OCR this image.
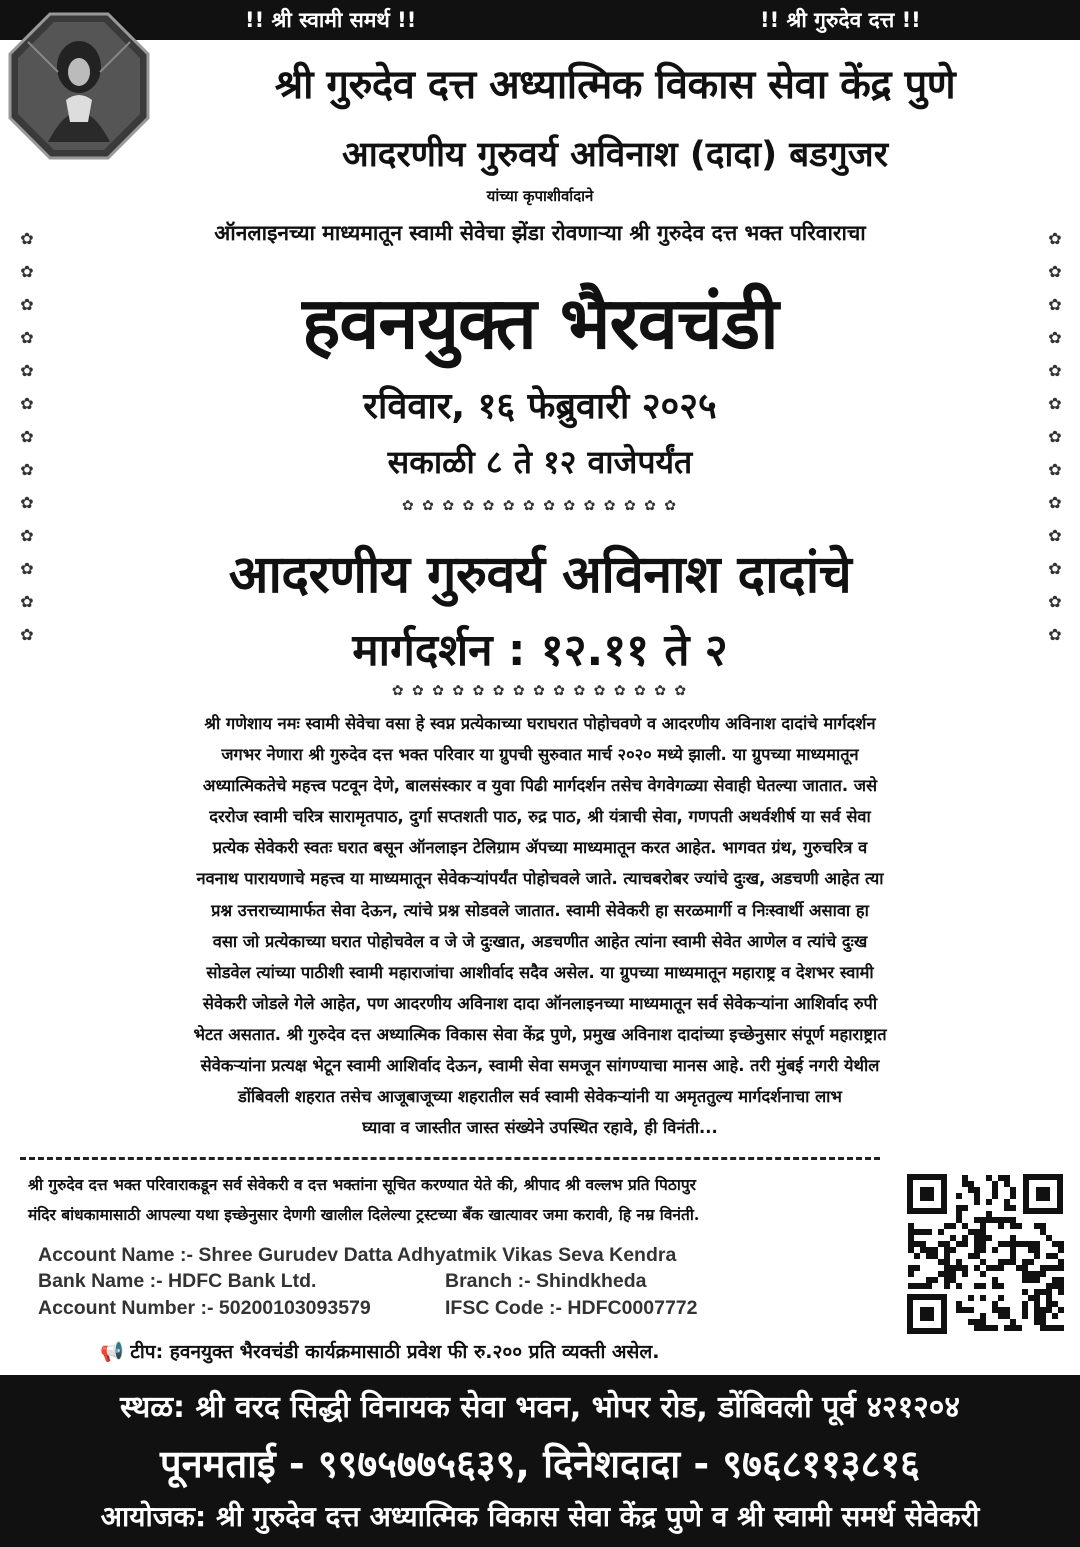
!! श्री स्वामी समर्थ !!	!! श्री गुरुदेव दत्त !!
श्री गुरुदेव दत्त अध्यात्मिक विकास सेवा केंद्र पुणे
आदरणीय गुरुवर्य अविनाश (दादा) बडगुजर
यांच्या कृपाशीर्वादाने
ऑनलाइनच्या माध्यमातून स्वामी सेवेचा झेंडा रोवणाऱ्या श्री गुरुदेव दत्त भक्त परिवाराचा
✿
✿
✿
✿
✿
✿
✿
✿
✿
✿
✿
✿
✿
✿
✿
✿
✿
✿
✿
✿
✿
✿
✿
✿
✿
✿
हवनयुक्त भैरवचंडी
रविवार, १६ फेब्रुवारी २०२५
सकाळी ८ ते १२ वाजेपर्यंत
✿ ✿ ✿ ✿ ✿ ✿ ✿ ✿ ✿ ✿ ✿ ✿ ✿ ✿
आदरणीय गुरुवर्य अविनाश दादांचे
मार्गदर्शन : १२.११ ते २
✿ ✿ ✿ ✿ ✿ ✿ ✿ ✿ ✿ ✿ ✿ ✿ ✿ ✿ ✿
श्री गणेशाय नमः स्वामी सेवेचा वसा हे स्वप्न प्रत्येकाच्या घराघरात पोहोचवणे व आदरणीय अविनाश दादांचे मार्गदर्शन
जगभर नेणारा श्री गुरुदेव दत्त भक्त परिवार या ग्रुपची सुरुवात मार्च २०२० मध्ये झाली. या ग्रुपच्या माध्यमातून
अध्यात्मिकतेचे महत्त्व पटवून देणे, बालसंस्कार व युवा पिढी मार्गदर्शन तसेच वेगवेगळ्या सेवाही घेतल्या जातात. जसे
दररोज स्वामी चरित्र सारामृतपाठ, दुर्गा सप्तशती पाठ, रुद्र पाठ, श्री यंत्राची सेवा, गणपती अथर्वशीर्ष या सर्व सेवा
प्रत्येक सेवेकरी स्वतः घरात बसून ऑनलाइन टेलिग्राम ॲपच्या माध्यमातून करत आहेत. भागवत ग्रंथ, गुरुचरित्र व
नवनाथ पारायणाचे महत्त्व या माध्यमातून सेवेकऱ्यांपर्यंत पोहोचवले जाते. त्याचबरोबर ज्यांचे दुःख, अडचणी आहेत त्या
प्रश्न उत्तराच्यामार्फत सेवा देऊन, त्यांचे प्रश्न सोडवले जातात. स्वामी सेवेकरी हा सरळमार्गी व निःस्वार्थी असावा हा
वसा जो प्रत्येकाच्या घरात पोहोचवेल व जे जे दुःखात, अडचणीत आहेत त्यांना स्वामी सेवेत आणेल व त्यांचे दुःख
सोडवेल त्यांच्या पाठीशी स्वामी महाराजांचा आशीर्वाद सदैव असेल. या ग्रुपच्या माध्यमातून महाराष्ट्र व देशभर स्वामी
सेवेकरी जोडले गेले आहेत, पण आदरणीय अविनाश दादा ऑनलाइनच्या माध्यमातून सर्व सेवेकऱ्यांना आशिर्वाद रुपी
भेटत असतात. श्री गुरुदेव दत्त अध्यात्मिक विकास सेवा केंद्र पुणे, प्रमुख अविनाश दादांच्या इच्छेनुसार संपूर्ण महाराष्ट्रात
सेवेकऱ्यांना प्रत्यक्ष भेटून स्वामी आशिर्वाद देऊन, स्वामी सेवा समजून सांगण्याचा मानस आहे. तरी मुंबई नगरी येथील
डोंबिवली शहरात तसेच आजूबाजूच्या शहरातील सर्व स्वामी सेवेकऱ्यांनी या अमृततुल्य मार्गदर्शनाचा लाभ
घ्यावा व जास्तीत जास्त संख्येने उपस्थित रहावे, ही विनंती...
श्री गुरुदेव दत्त भक्त परिवाराकडून सर्व सेवेकरी व दत्त भक्तांना सूचित करण्यात येते की, श्रीपाद श्री वल्लभ प्रति पिठापुर
मंदिर बांधकामासाठी आपल्या यथा इच्छेनुसार देणगी खालील दिलेल्या ट्रस्टच्या बँक खात्यावर जमा करावी, हि नम्र विनंती.
Account Name :- Shree Gurudev Datta Adhyatmik Vikas Seva Kendra
Bank Name :- HDFC Bank Ltd.	Branch :- Shindkheda
Account Number :- 50200103093579	IFSC Code :- HDFC0007772
📢 टीप: हवनयुक्त भैरवचंडी कार्यक्रमासाठी प्रवेश फी रु.२०० प्रति व्यक्ती असेल.
स्थळ: श्री वरद सिद्धी विनायक सेवा भवन, भोपर रोड, डोंबिवली पूर्व ४२१२०४
पूनमताई - ९९७५७७५६३९, दिनेशदादा - ९७६८११३८१६
आयोजक: श्री गुरुदेव दत्त अध्यात्मिक विकास सेवा केंद्र पुणे व श्री स्वामी समर्थ सेवेकरी
